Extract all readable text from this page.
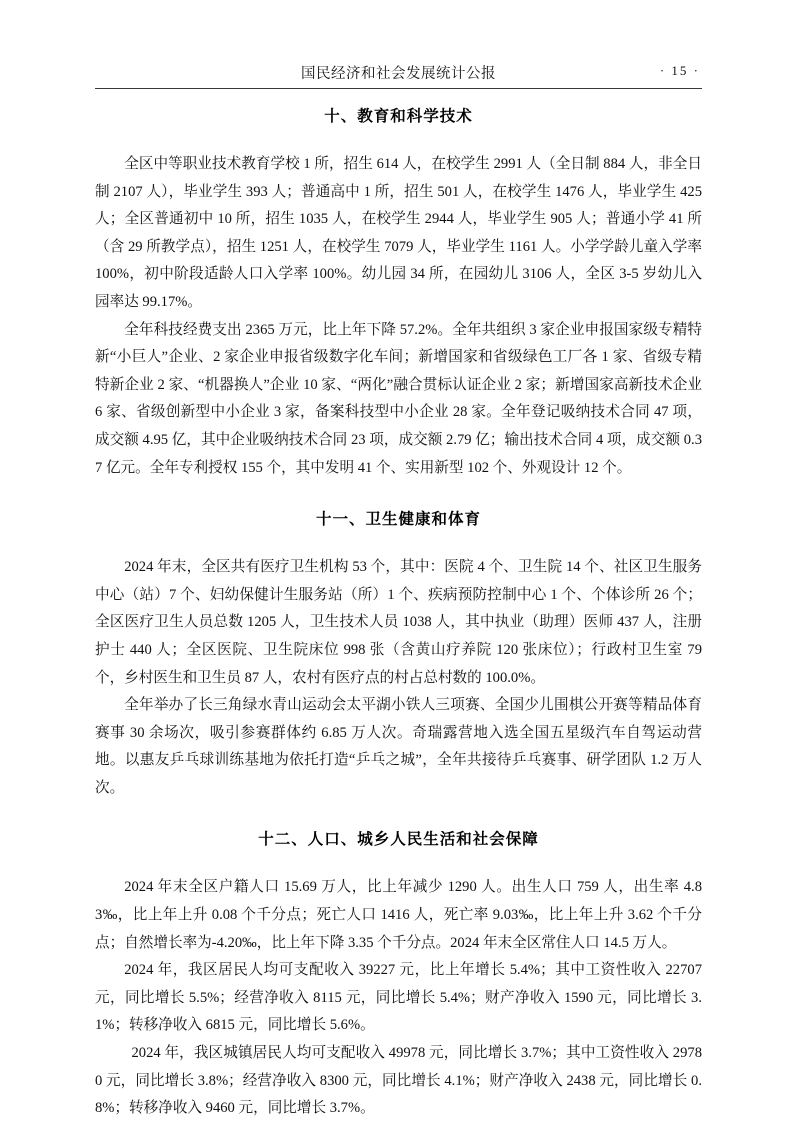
国民经济和社会发展统计公报	· 15 ·
十、教育和科学技术

全区中等职业技术教育学校 1 所，招生 614 人，在校学生 2991 人（全日制 884 人，非全日制 2107 人），毕业学生 393 人；普通高中 1 所，招生 501 人，在校学生 1476 人，毕业学生 425 人；全区普通初中 10 所，招生 1035 人，在校学生 2944 人，毕业学生 905 人；普通小学 41 所（含 29 所教学点），招生 1251 人，在校学生 7079 人，毕业学生 1161 人。小学学龄儿童入学率 100%，初中阶段适龄人口入学率 100%。幼儿园 34 所，在园幼儿 3106 人，全区 3-5 岁幼儿入园率达 99.17%。

全年科技经费支出 2365 万元，比上年下降 57.2%。全年共组织 3 家企业申报国家级专精特新“小巨人”企业、2 家企业申报省级数字化车间；新增国家和省级绿色工厂各 1 家、省级专精特新企业 2 家、“机器换人”企业 10 家、“两化”融合贯标认证企业 2 家；新增国家高新技术企业 6 家、省级创新型中小企业 3 家，备案科技型中小企业 28 家。全年登记吸纳技术合同 47 项，成交额 4.95 亿，其中企业吸纳技术合同 23 项，成交额 2.79 亿；输出技术合同 4 项，成交额 0.37 亿元。全年专利授权 155 个，其中发明 41 个、实用新型 102 个、外观设计 12 个。

十一、卫生健康和体育

2024 年末，全区共有医疗卫生机构 53 个，其中：医院 4 个、卫生院 14 个、社区卫生服务中心（站）7 个、妇幼保健计生服务站（所）1 个、疾病预防控制中心 1 个、个体诊所 26 个；全区医疗卫生人员总数 1205 人，卫生技术人员 1038 人，其中执业（助理）医师 437 人，注册护士 440 人；全区医院、卫生院床位 998 张（含黄山疗养院 120 张床位）；行政村卫生室 79 个，乡村医生和卫生员 87 人，农村有医疗点的村占总村数的 100.0%。

全年举办了长三角绿水青山运动会太平湖小铁人三项赛、全国少儿围棋公开赛等精品体育赛事 30 余场次，吸引参赛群体约 6.85 万人次。奇瑞露营地入选全国五星级汽车自驾运动营地。以惠友乒乓球训练基地为依托打造“乒乓之城”，全年共接待乒乓赛事、研学团队 1.2 万人次。

十二、人口、城乡人民生活和社会保障

2024 年末全区户籍人口 15.69 万人，比上年减少 1290 人。出生人口 759 人，出生率 4.83‰，比上年上升 0.08 个千分点；死亡人口 1416 人，死亡率 9.03‰，比上年上升 3.62 个千分点；自然增长率为-4.20‰，比上年下降 3.35 个千分点。2024 年末全区常住人口 14.5 万人。

2024 年，我区居民人均可支配收入 39227 元，比上年增长 5.4%；其中工资性收入 22707 元，同比增长 5.5%；经营净收入 8115 元，同比增长 5.4%；财产净收入 1590 元，同比增长 3.1%；转移净收入 6815 元，同比增长 5.6%。

2024 年，我区城镇居民人均可支配收入 49978 元，同比增长 3.7%；其中工资性收入 29780 元，同比增长 3.8%；经营净收入 8300 元，同比增长 4.1%；财产净收入 2438 元，同比增长 0.8%；转移净收入 9460 元，同比增长 3.7%。
